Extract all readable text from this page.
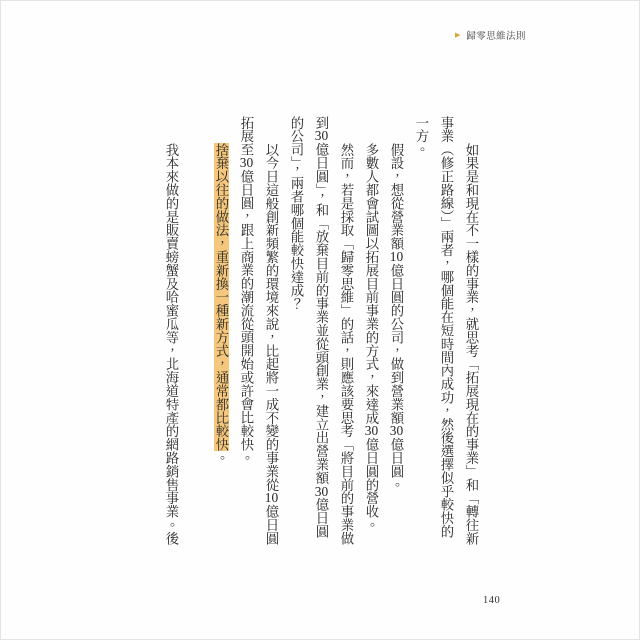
▶ 歸零思維法則

如果是和現在不一樣的事業，就思考「拓展現在的事業」和「轉往新事業（修正路線）」兩者，哪個能在短時間內成功，然後選擇似乎較快的一方。

假設，想從營業額10億日圓的公司，做到營業額30億日圓。

多數人都會試圖以拓展目前事業的方式，來達成30億日圓的營收。

然而，若是採取「歸零思維」的話，則應該要思考「將目前的事業做到30億日圓」，和「放棄目前的事業並從頭創業，建立出營業額30億日圓的公司」，兩者哪個能較快達成？

以今日這般創新頻繁的環境來說，比起將一成不變的事業從10億日圓拓展至30億日圓，跟上商業的潮流從頭開始或許會比較快。

捨棄以往的做法，重新換一種新方式，通常都比較快。

我本來做的是販賣螃蟹及哈蜜瓜等，北海道特產的網路銷售事業。後

140
